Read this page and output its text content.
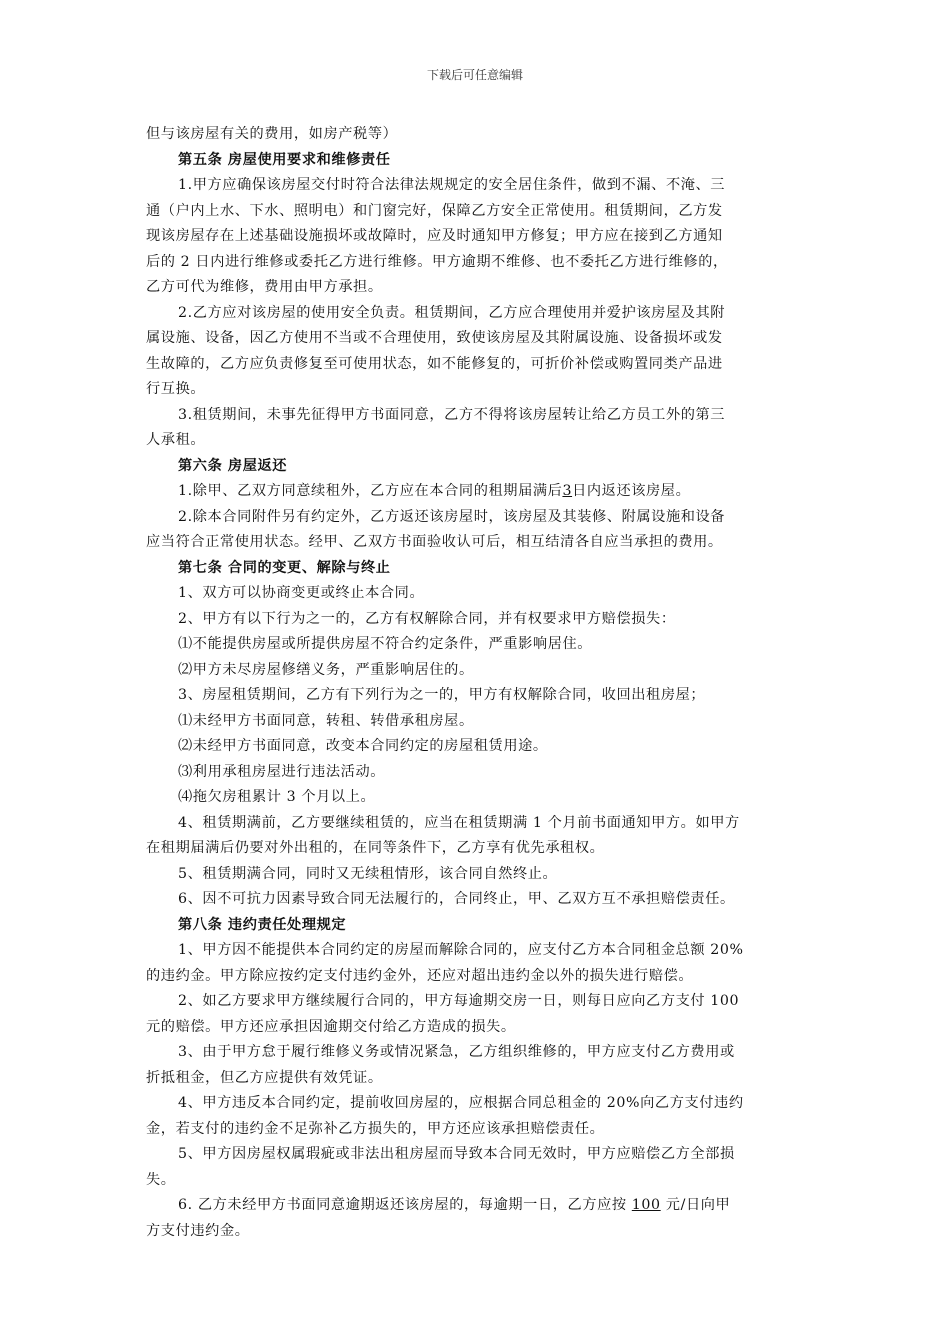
下载后可任意编辑
但与该房屋有关的费用，如房产税等）
第五条 房屋使用要求和维修责任
1.甲方应确保该房屋交付时符合法律法规规定的安全居住条件，做到不漏、不淹、三
通（户内上水、下水、照明电）和门窗完好，保障乙方安全正常使用。租赁期间，乙方发
现该房屋存在上述基础设施损坏或故障时，应及时通知甲方修复；甲方应在接到乙方通知
后的 2 日内进行维修或委托乙方进行维修。甲方逾期不维修、也不委托乙方进行维修的，
乙方可代为维修，费用由甲方承担。
2.乙方应对该房屋的使用安全负责。租赁期间，乙方应合理使用并爱护该房屋及其附
属设施、设备，因乙方使用不当或不合理使用，致使该房屋及其附属设施、设备损坏或发
生故障的，乙方应负责修复至可使用状态，如不能修复的，可折价补偿或购置同类产品进
行互换。
3.租赁期间，未事先征得甲方书面同意，乙方不得将该房屋转让给乙方员工外的第三
人承租。
第六条 房屋返还
1.除甲、乙双方同意续租外，乙方应在本合同的租期届满后3日内返还该房屋。
2.除本合同附件另有约定外，乙方返还该房屋时，该房屋及其装修、附属设施和设备
应当符合正常使用状态。经甲、乙双方书面验收认可后，相互结清各自应当承担的费用。
第七条 合同的变更、解除与终止
1、双方可以协商变更或终止本合同。
2、甲方有以下行为之一的，乙方有权解除合同，并有权要求甲方赔偿损失：
⑴不能提供房屋或所提供房屋不符合约定条件，严重影响居住。
⑵甲方未尽房屋修缮义务，严重影响居住的。
3、房屋租赁期间，乙方有下列行为之一的，甲方有权解除合同，收回出租房屋；
⑴未经甲方书面同意，转租、转借承租房屋。
⑵未经甲方书面同意，改变本合同约定的房屋租赁用途。
⑶利用承租房屋进行违法活动。
⑷拖欠房租累计 3 个月以上。
4、租赁期满前，乙方要继续租赁的，应当在租赁期满 1 个月前书面通知甲方。如甲方
在租期届满后仍要对外出租的，在同等条件下，乙方享有优先承租权。
5、租赁期满合同，同时又无续租情形，该合同自然终止。
6、因不可抗力因素导致合同无法履行的，合同终止，甲、乙双方互不承担赔偿责任。
第八条 违约责任处理规定
1、甲方因不能提供本合同约定的房屋而解除合同的，应支付乙方本合同租金总额 20%
的违约金。甲方除应按约定支付违约金外，还应对超出违约金以外的损失进行赔偿。
2、如乙方要求甲方继续履行合同的，甲方每逾期交房一日，则每日应向乙方支付 100
元的赔偿。甲方还应承担因逾期交付给乙方造成的损失。
3、由于甲方怠于履行维修义务或情况紧急，乙方组织维修的，甲方应支付乙方费用或
折抵租金，但乙方应提供有效凭证。
4、甲方违反本合同约定，提前收回房屋的，应根据合同总租金的 20%向乙方支付违约
金，若支付的违约金不足弥补乙方损失的，甲方还应该承担赔偿责任。
5、甲方因房屋权属瑕疵或非法出租房屋而导致本合同无效时，甲方应赔偿乙方全部损
失。
6. 乙方未经甲方书面同意逾期返还该房屋的，每逾期一日，乙方应按 100 元/日向甲
方支付违约金。
